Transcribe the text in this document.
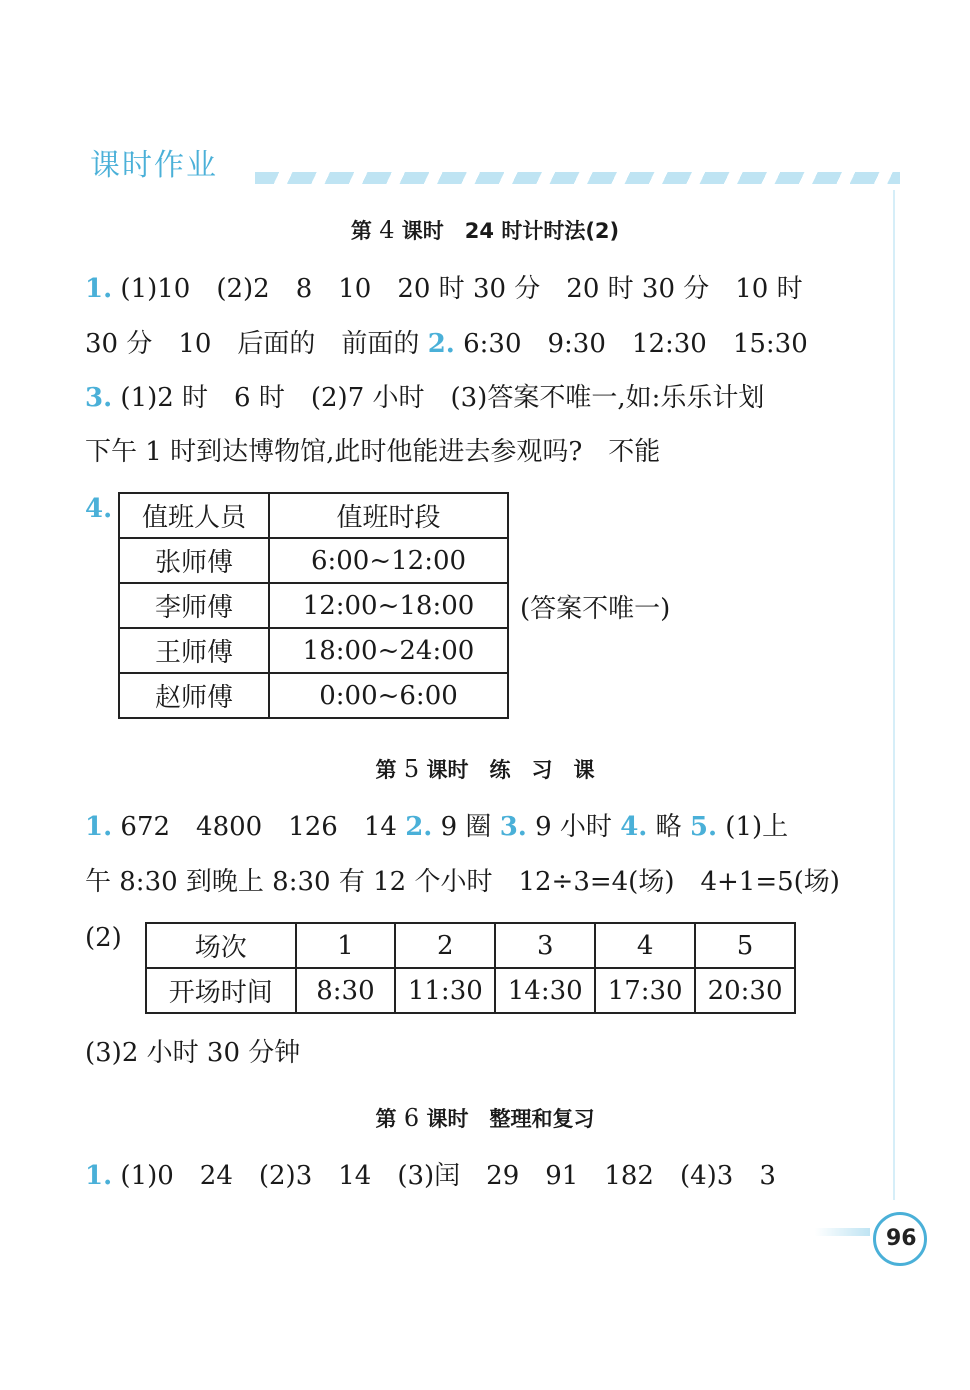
课时作业
第 4 课时　24 时计时法(2)
1. (1)10　(2)2　8　10　20 时 30 分　20 时 30 分　10 时
30 分　10　后面的　前面的 2. 6:30　9:30　12:30　15:30
3. (1)2 时　6 时　(2)7 小时　(3)答案不唯一,如:乐乐计划
下午 1 时到达博物馆,此时他能进去参观吗?　不能
4. 值班人员	值班时段
张师傅	6:00~12:00
李师傅	12:00~18:00
王师傅	18:00~24:00
赵师傅	0:00~6:00
(答案不唯一)
第 5 课时　练　习　课
1. 672　4800　126　14 2. 9 圈 3. 9 小时 4. 略 5. (1)上
午 8:30 到晚上 8:30 有 12 个小时　12÷3=4(场)　4+1=5(场)
(2)	场次	1	2	3	4	5
开场时间	8:30	11:30	14:30	17:30	20:30
(3)2 小时 30 分钟
第 6 课时　整理和复习
1. (1)0　24　(2)3　14　(3)闰　29　91　182　(4)3　3
96
